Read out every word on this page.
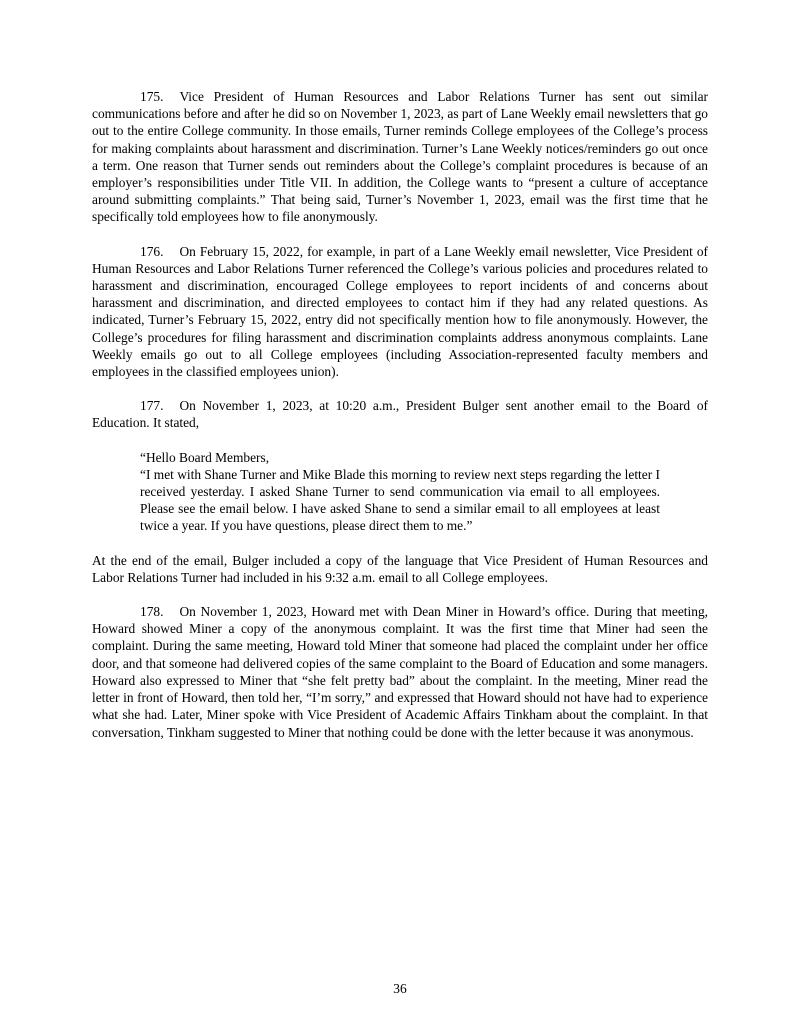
175. Vice President of Human Resources and Labor Relations Turner has sent out similar communications before and after he did so on November 1, 2023, as part of Lane Weekly email newsletters that go out to the entire College community. In those emails, Turner reminds College employees of the College’s process for making complaints about harassment and discrimination. Turner’s Lane Weekly notices/reminders go out once a term. One reason that Turner sends out reminders about the College’s complaint procedures is because of an employer’s responsibilities under Title VII. In addition, the College wants to “present a culture of acceptance around submitting complaints.” That being said, Turner’s November 1, 2023, email was the first time that he specifically told employees how to file anonymously.

176. On February 15, 2022, for example, in part of a Lane Weekly email newsletter, Vice President of Human Resources and Labor Relations Turner referenced the College’s various policies and procedures related to harassment and discrimination, encouraged College employees to report incidents of and concerns about harassment and discrimination, and directed employees to contact him if they had any related questions. As indicated, Turner’s February 15, 2022, entry did not specifically mention how to file anonymously. However, the College’s procedures for filing harassment and discrimination complaints address anonymous complaints. Lane Weekly emails go out to all College employees (including Association-represented faculty members and employees in the classified employees union).

177. On November 1, 2023, at 10:20 a.m., President Bulger sent another email to the Board of Education. It stated,

“Hello Board Members,
“I met with Shane Turner and Mike Blade this morning to review next steps regarding the letter I received yesterday. I asked Shane Turner to send communication via email to all employees. Please see the email below. I have asked Shane to send a similar email to all employees at least twice a year. If you have questions, please direct them to me.”

At the end of the email, Bulger included a copy of the language that Vice President of Human Resources and Labor Relations Turner had included in his 9:32 a.m. email to all College employees.

178. On November 1, 2023, Howard met with Dean Miner in Howard’s office. During that meeting, Howard showed Miner a copy of the anonymous complaint. It was the first time that Miner had seen the complaint. During the same meeting, Howard told Miner that someone had placed the complaint under her office door, and that someone had delivered copies of the same complaint to the Board of Education and some managers. Howard also expressed to Miner that “she felt pretty bad” about the complaint. In the meeting, Miner read the letter in front of Howard, then told her, “I’m sorry,” and expressed that Howard should not have had to experience what she had. Later, Miner spoke with Vice President of Academic Affairs Tinkham about the complaint. In that conversation, Tinkham suggested to Miner that nothing could be done with the letter because it was anonymous.

36
